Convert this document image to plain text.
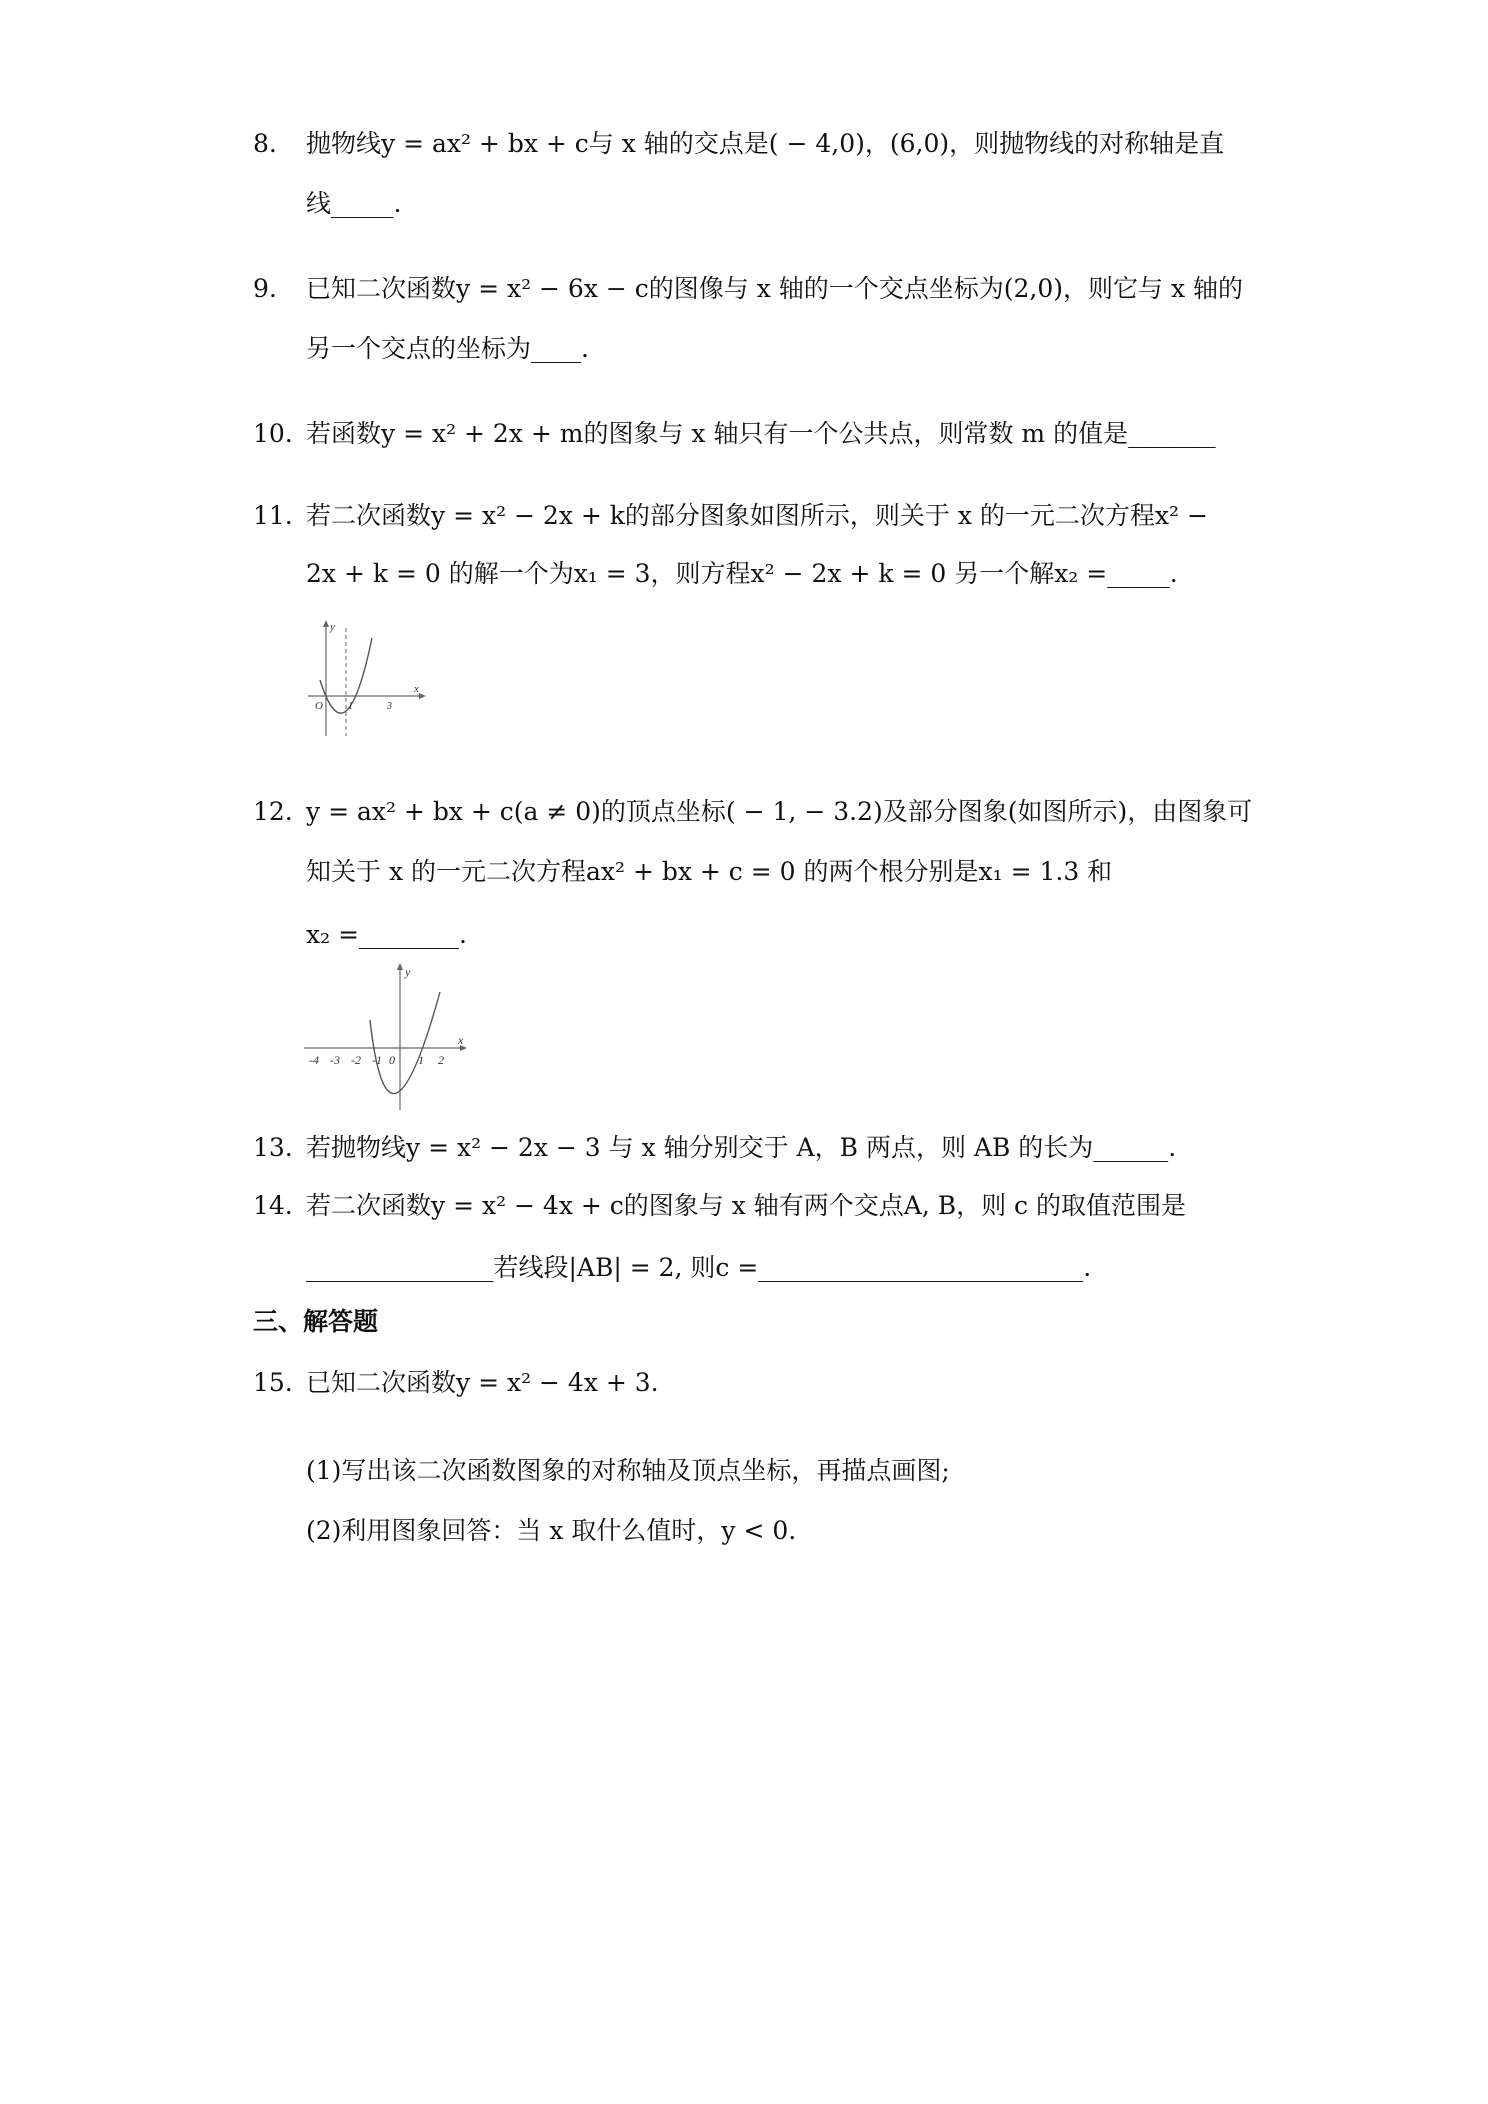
8.	抛物线y = ax² + bx + c与 x 轴的交点是( − 4,0)，(6,0)，则抛物线的对称轴是直
线_____.
9.	已知二次函数y = x² − 6x − c的图像与 x 轴的一个交点坐标为(2,0)，则它与 x 轴的
另一个交点的坐标为____.
10. 若函数y = x² + 2x + m的图象与 x 轴只有一个公共点，则常数 m 的值是_______
11. 若二次函数y = x² − 2x + k的部分图象如图所示，则关于 x 的一元二次方程x² −
2x + k = 0 的解一个为x₁ = 3，则方程x² − 2x + k = 0 另一个解x₂ =_____.
y
O	1	3
x
12. y = ax² + bx + c(a ≠ 0)的顶点坐标( − 1, − 3.2)及部分图象(如图所示)，由图象可
知关于 x 的一元二次方程ax² + bx + c = 0 的两个根分别是x₁ = 1.3 和
x₂ =________.
y
x
-4 -3 -2 -1 0 1 2
13. 若抛物线y = x² − 2x − 3 与 x 轴分别交于 A，B 两点，则 AB 的长为______.
14. 若二次函数y = x² − 4x + c的图象与 x 轴有两个交点A, B，则 c 的取值范围是
_______________若线段|AB| = 2, 则c =__________________________.
三、解答题
15. 已知二次函数y = x² − 4x + 3.
(1)写出该二次函数图象的对称轴及顶点坐标，再描点画图;
(2)利用图象回答：当 x 取什么值时，y < 0.
